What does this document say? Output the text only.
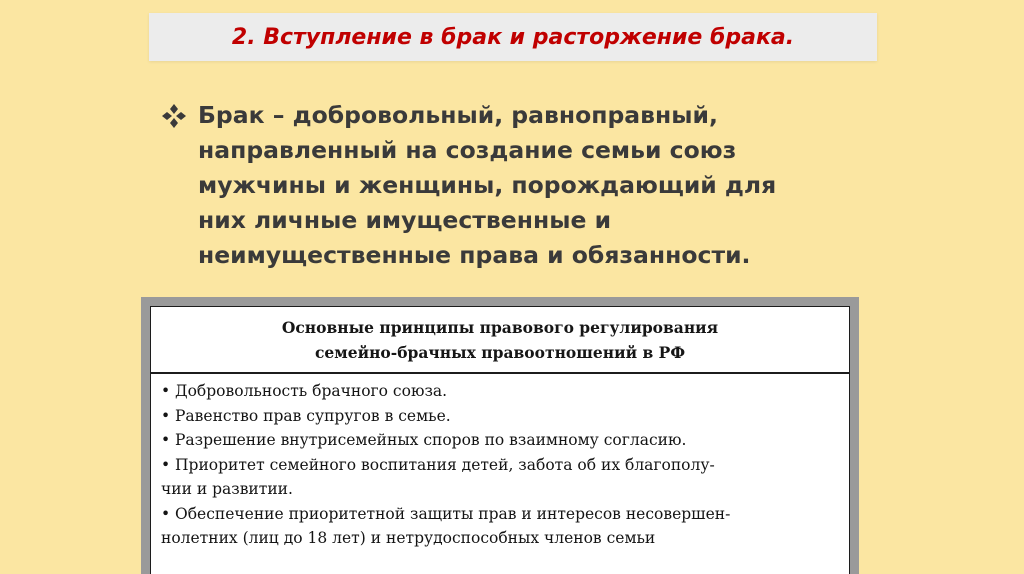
2. Вступление в брак и расторжение брака.
Брак – добровольный, равноправный,
направленный на создание семьи союз
мужчины и женщины, порождающий для
них личные имущественные и
неимущественные права и обязанности.
Основные принципы правового регулирования
семейно-брачных правоотношений в РФ
• Добровольность брачного союза.
• Равенство прав супругов в семье.
• Разрешение внутрисемейных споров по взаимному согласию.
• Приоритет семейного воспитания детей, забота об их благополу-
чии и развитии.
• Обеспечение приоритетной защиты прав и интересов несовершен-
нолетних (лиц до 18 лет) и нетрудоспособных членов семьи
